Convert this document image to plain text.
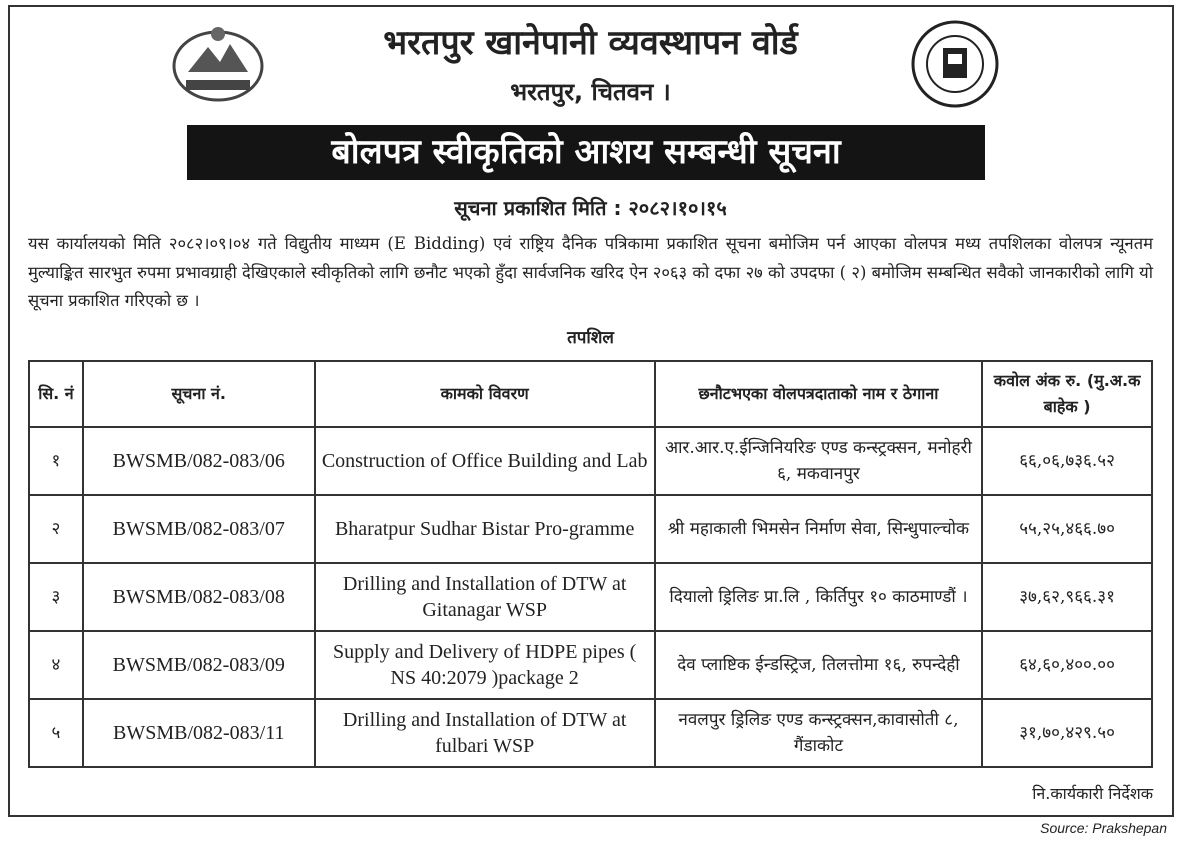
भरतपुर खानेपानी व्यवस्थापन वोर्ड
भरतपुर, चितवन ।
बोलपत्र स्वीकृतिको आशय सम्बन्धी सूचना
सूचना प्रकाशित मिति : २०८२।१०।१५
यस कार्यालयको मिति २०८२।०९।०४ गते विद्युतीय माध्यम (E Bidding) एवं राष्ट्रिय दैनिक पत्रिकामा प्रकाशित सूचना बमोजिम पर्न आएका वोलपत्र मध्य तपशिलका वोलपत्र न्यूनतम मुल्याङ्कित सारभुत रुपमा प्रभावग्राही देखिएकाले स्वीकृतिको लागि छनौट भएको हुँदा सार्वजनिक खरिद ऐन २०६३ को दफा २७ को उपदफा ( २) बमोजिम सम्बन्धित सवैको जानकारीको लागि यो सूचना प्रकाशित गरिएको छ ।
तपशिल
सि. नं	सूचना नं.	कामको विवरण	छनौटभएका वोलपत्रदाताको नाम र ठेगाना	कवोल अंक रु. (मु.अ.क बाहेक )
१	BWSMB/082-083/06	Construction of Office Building and Lab	आर.आर.ए.ईन्जिनियरिङ एण्ड कन्स्ट्रक्सन, मनोहरी ६, मकवानपुर	६६,०६,७३६.५२
२	BWSMB/082-083/07	Bharatpur Sudhar Bistar Pro-gramme	श्री महाकाली भिमसेन निर्माण सेवा, सिन्धुपाल्चोक	५५,२५,४६६.७०
३	BWSMB/082-083/08	Drilling and Installation of DTW at Gitanagar WSP	दियालो ड्रिलिङ प्रा.लि , किर्तिपुर १० काठमाण्डौं ।	३७,६२,९६६.३१
४	BWSMB/082-083/09	Supply and Delivery of HDPE pipes ( NS 40:2079 )package 2	देव प्लाष्टिक ईन्डस्ट्रिज, तिलत्तोमा १६, रुपन्देही	६४,६०,४००.००
५	BWSMB/082-083/11	Drilling and Installation of DTW at fulbari WSP	नवलपुर ड्रिलिङ एण्ड कन्स्ट्रक्सन,कावासोती ८, गैंडाकोट	३१,७०,४२९.५०
नि.कार्यकारी निर्देशक
Source: Prakshepan
